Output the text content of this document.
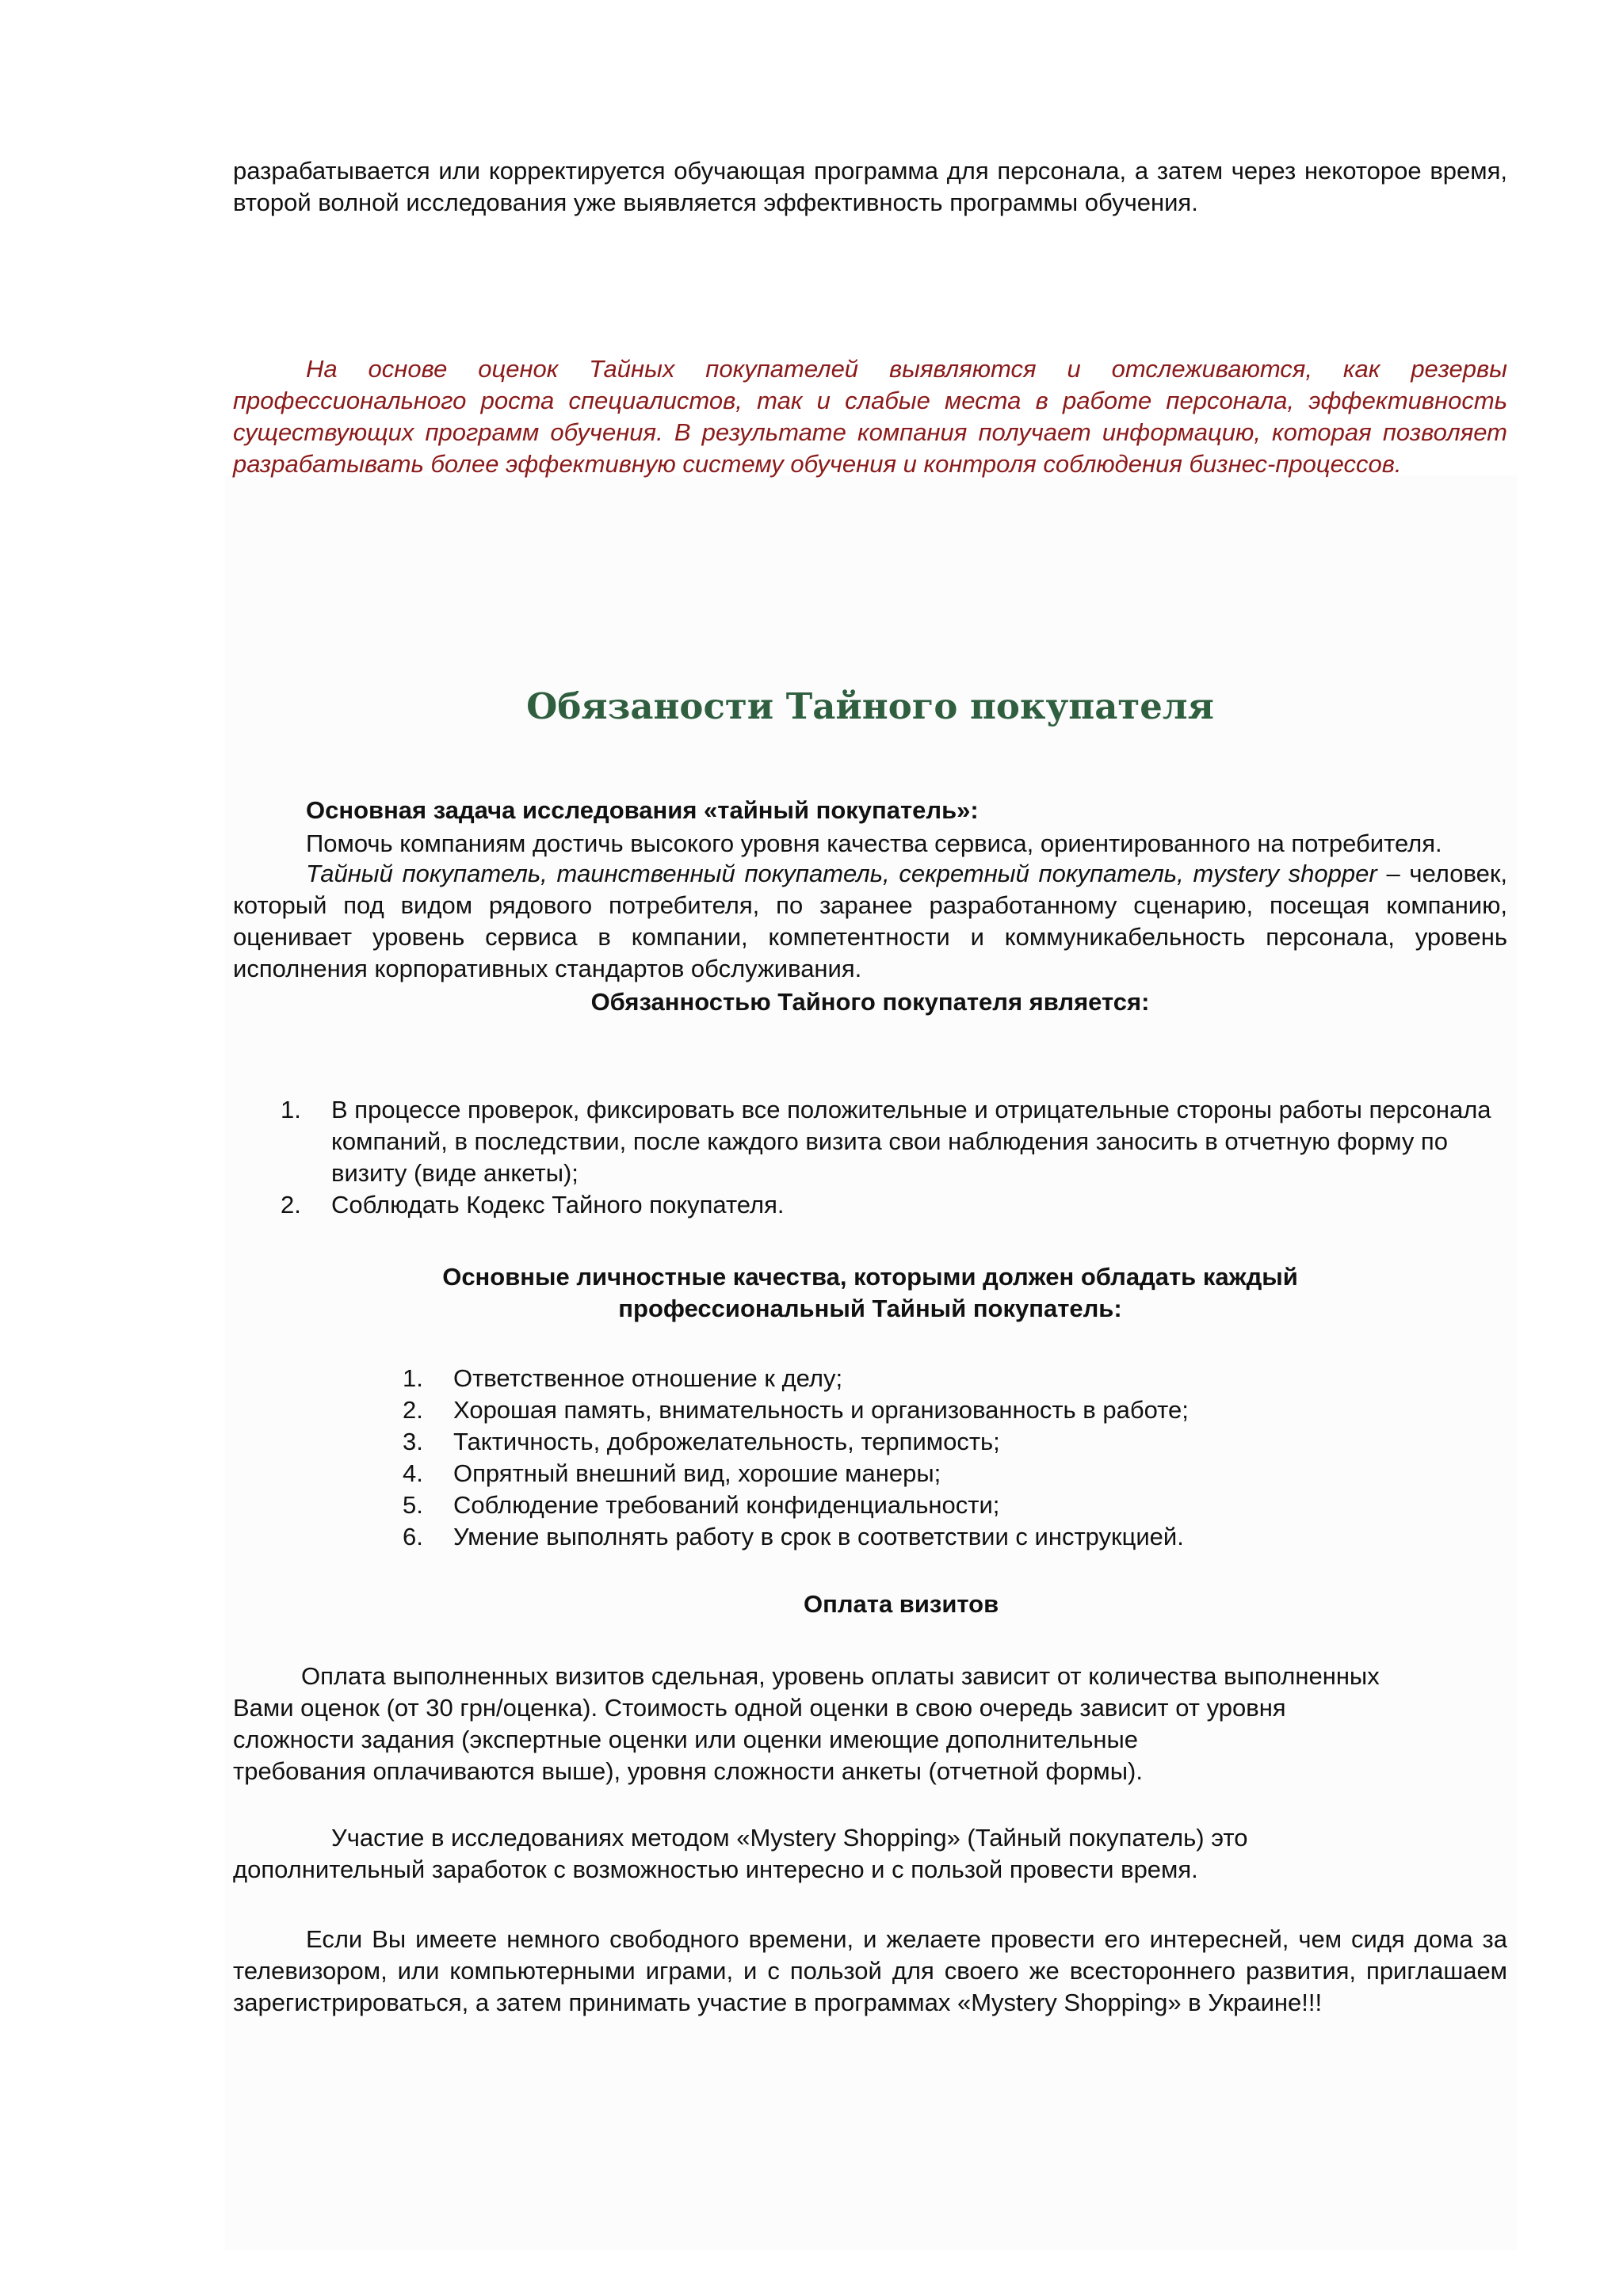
разрабатывается или корректируется обучающая программа для персонала, а затем через некоторое время, второй волной исследования уже выявляется эффективность программы обучения.

На основе оценок Тайных покупателей выявляются и отслеживаются, как резервы профессионального роста специалистов, так и слабые места в работе персонала, эффективность существующих программ обучения. В результате компания получает информацию, которая позволяет разрабатывать более эффективную систему обучения и контроля соблюдения бизнес-процессов.

Обязаности Тайного покупателя

Основная задача исследования «тайный покупатель»:

Помочь компаниям достичь высокого уровня качества сервиса, ориентированного на потребителя.

Тайный покупатель, таинственный покупатель, секретный покупатель, mystery shopper – человек, который под видом рядового потребителя, по заранее разработанному сценарию, посещая компанию, оценивает уровень сервиса в компании, компетентности и коммуникабельность персонала, уровень исполнения корпоративных стандартов обслуживания.

Обязанностью Тайного покупателя является:

1. В процессе проверок, фиксировать все положительные и отрицательные стороны работы персонала компаний, в последствии, после каждого визита свои наблюдения заносить в отчетную форму по визиту (виде анкеты);
2. Соблюдать Кодекс Тайного покупателя.

Основные личностные качества, которыми должен обладать каждый

профессиональный Тайный покупатель:

1. Ответственное отношение к делу;
2. Хорошая память, внимательность и организованность в работе;
3. Тактичность, доброжелательность, терпимость;
4. Опрятный внешний вид, хорошие манеры;
5. Соблюдение требований конфиденциальности;
6. Умение выполнять работу в срок в соответствии с инструкцией.

Оплата визитов

Оплата выполненных визитов сдельная, уровень оплаты зависит от количества выполненных

Вами оценок (от 30 грн/оценка). Стоимость одной оценки в свою очередь зависит от уровня

сложности задания (экспертные оценки или оценки имеющие дополнительные

требования оплачиваются выше), уровня сложности анкеты (отчетной формы).

Участие в исследованиях методом «Mystery Shopping» (Тайный покупатель) это

дополнительный заработок с возможностью интересно и с пользой провести время.

Если Вы имеете немного свободного времени, и желаете провести его интересней, чем сидя дома за телевизором, или компьютерными играми, и с пользой для своего же всестороннего развития, приглашаем зарегистрироваться, а затем принимать участие в программах «Mystery Shopping» в Украине!!!
